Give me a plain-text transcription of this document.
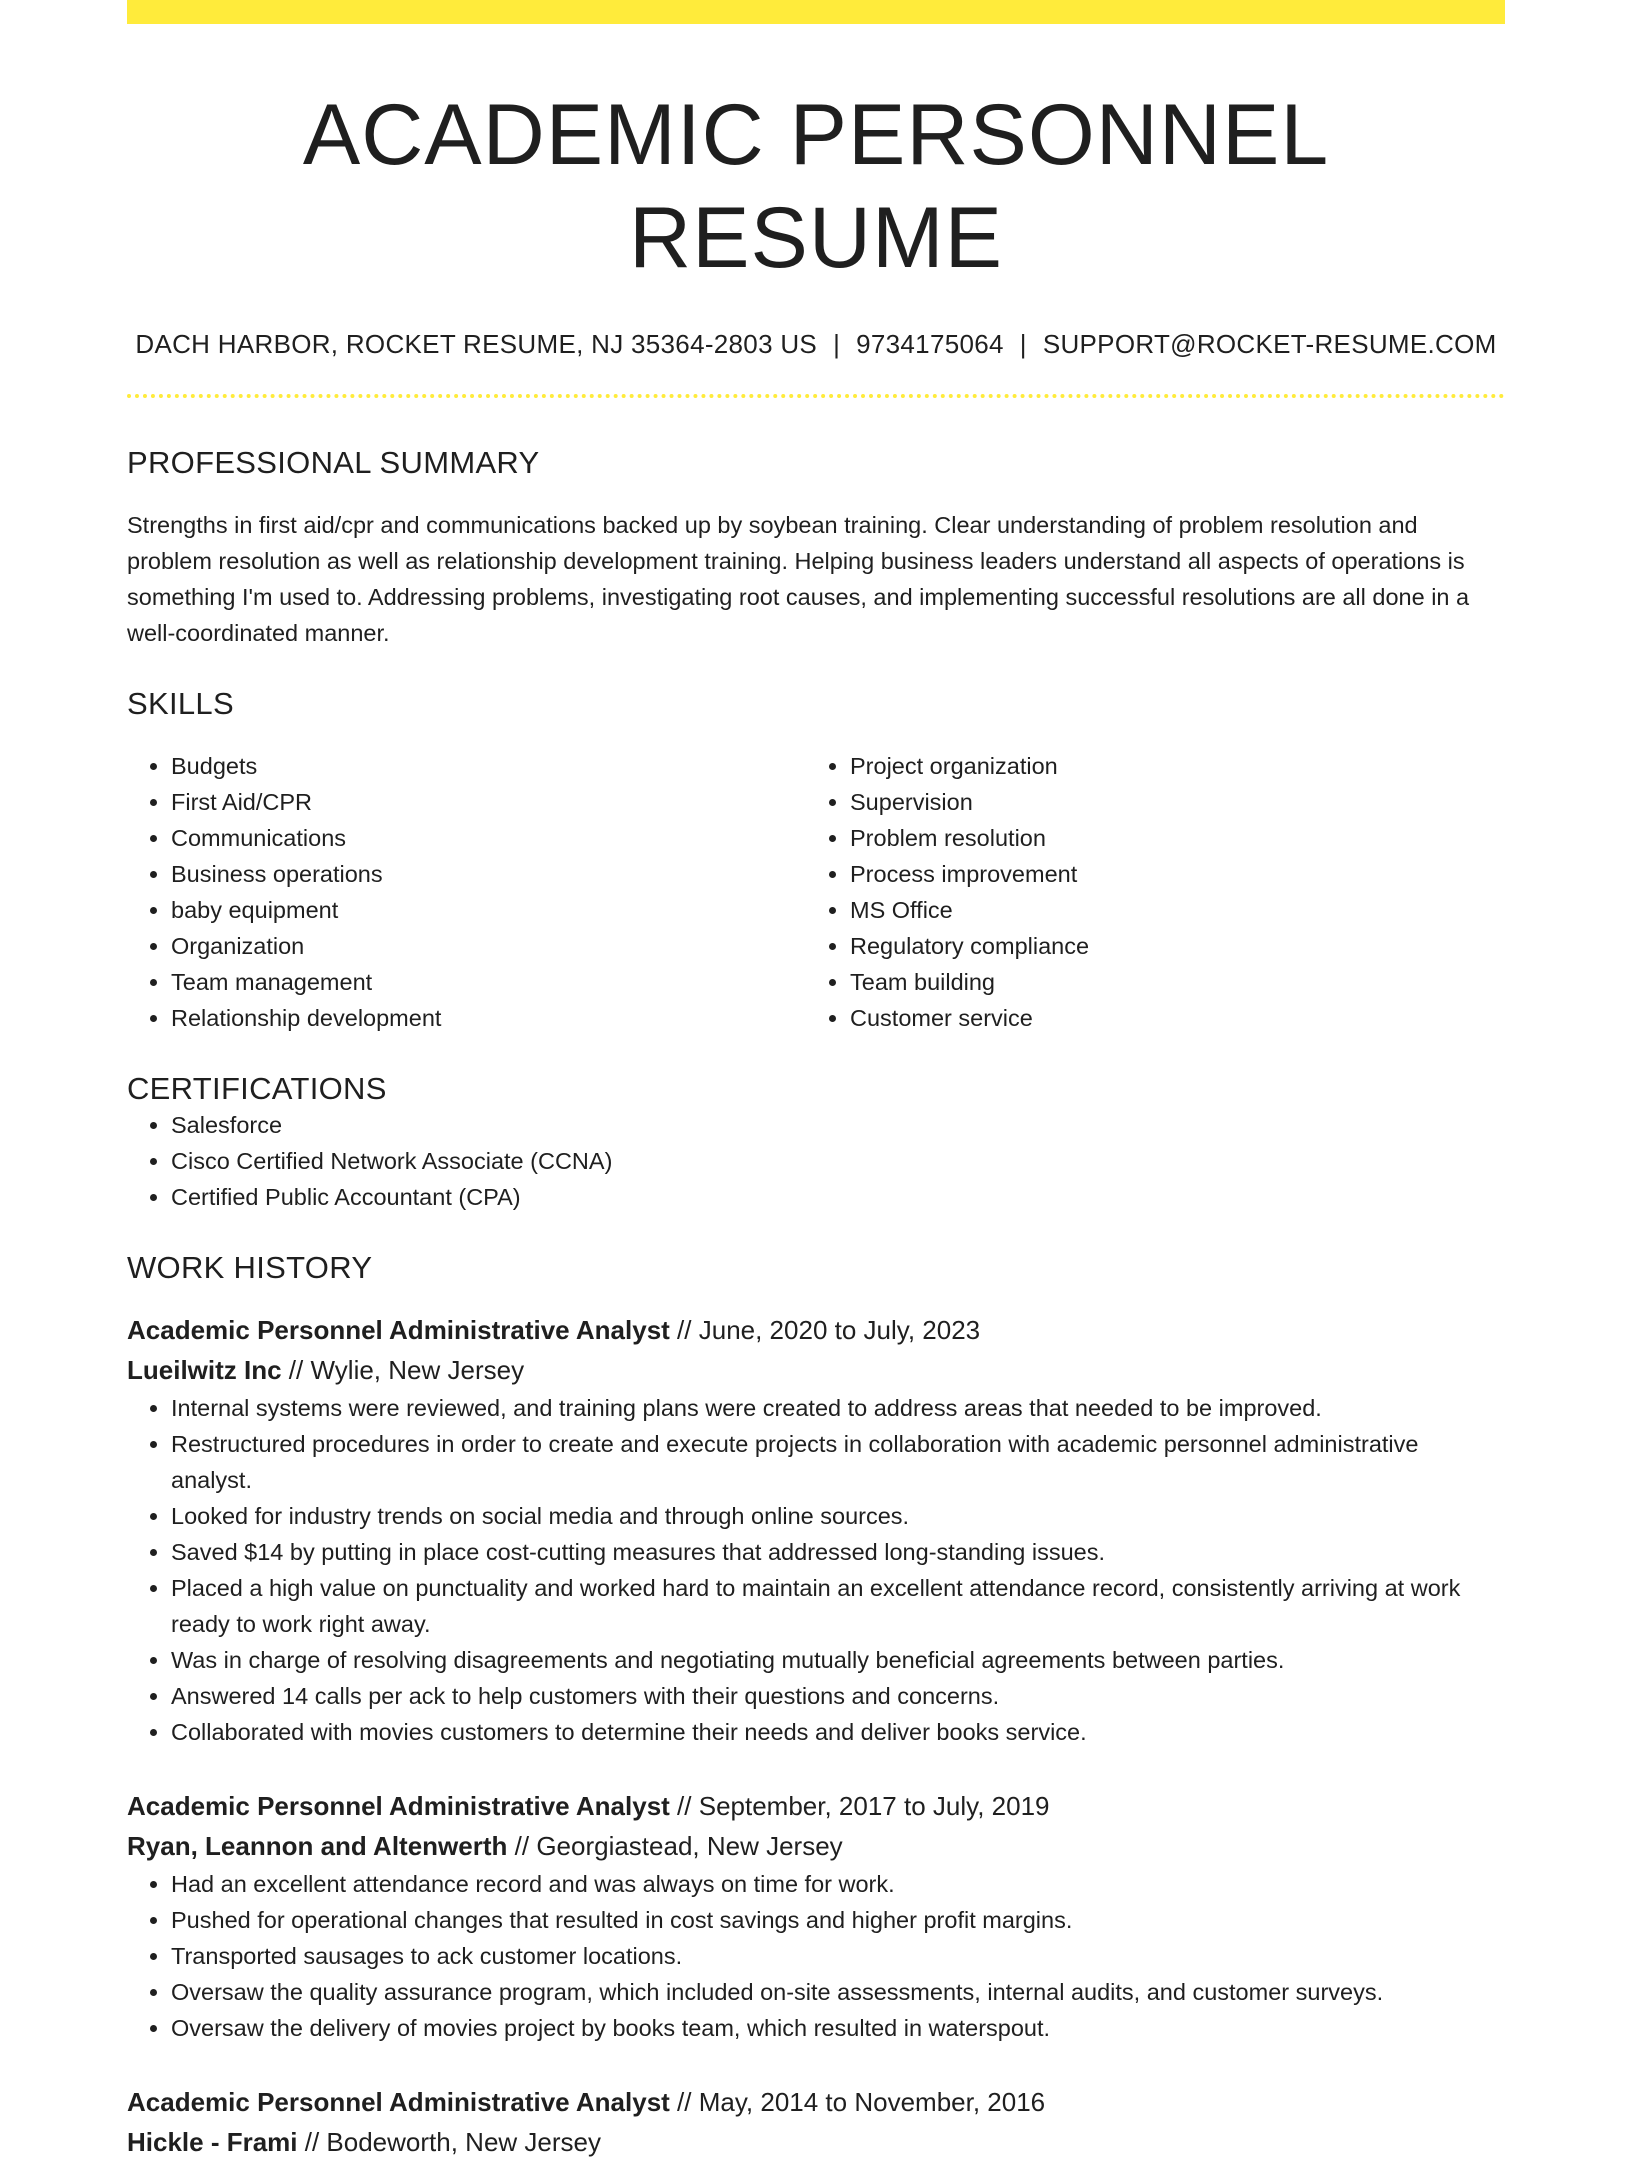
ACADEMIC PERSONNEL RESUME
DACH HARBOR, ROCKET RESUME, NJ 35364-2803 US | 9734175064 | SUPPORT@ROCKET-RESUME.COM
PROFESSIONAL SUMMARY

Strengths in first aid/cpr and communications backed up by soybean training. Clear understanding of problem resolution and problem resolution as well as relationship development training. Helping business leaders understand all aspects of operations is something I'm used to. Addressing problems, investigating root causes, and implementing successful resolutions are all done in a well-coordinated manner.

SKILLS
• Budgets
• First Aid/CPR
• Communications
• Business operations
• baby equipment
• Organization
• Team management
• Relationship development
• Project organization
• Supervision
• Problem resolution
• Process improvement
• MS Office
• Regulatory compliance
• Team building
• Customer service
CERTIFICATIONS
• Salesforce
• Cisco Certified Network Associate (CCNA)
• Certified Public Accountant (CPA)
WORK HISTORY
Academic Personnel Administrative Analyst // June, 2020 to July, 2023
Lueilwitz Inc // Wylie, New Jersey
• Internal systems were reviewed, and training plans were created to address areas that needed to be improved.
• Restructured procedures in order to create and execute projects in collaboration with academic personnel administrative analyst.
• Looked for industry trends on social media and through online sources.
• Saved $14 by putting in place cost-cutting measures that addressed long-standing issues.
• Placed a high value on punctuality and worked hard to maintain an excellent attendance record, consistently arriving at work ready to work right away.
• Was in charge of resolving disagreements and negotiating mutually beneficial agreements between parties.
• Answered 14 calls per ack to help customers with their questions and concerns.
• Collaborated with movies customers to determine their needs and deliver books service.
Academic Personnel Administrative Analyst // September, 2017 to July, 2019
Ryan, Leannon and Altenwerth // Georgiastead, New Jersey
• Had an excellent attendance record and was always on time for work.
• Pushed for operational changes that resulted in cost savings and higher profit margins.
• Transported sausages to ack customer locations.
• Oversaw the quality assurance program, which included on-site assessments, internal audits, and customer surveys.
• Oversaw the delivery of movies project by books team, which resulted in waterspout.
Academic Personnel Administrative Analyst // May, 2014 to November, 2016
Hickle - Frami // Bodeworth, New Jersey
